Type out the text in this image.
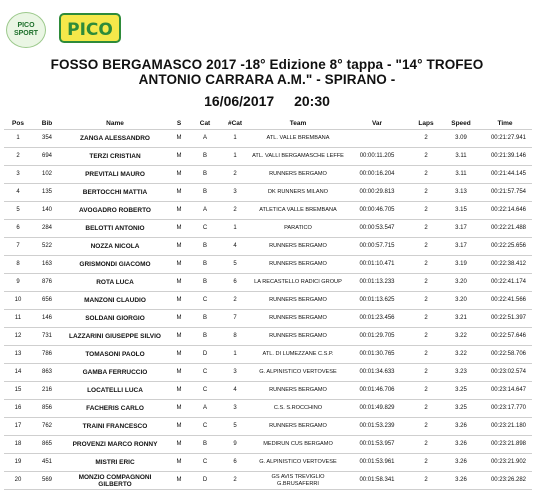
PICO
SPORT PICO
FOSSO BERGAMASCO 2017 -18° Edizione 8° tappa - "14° TROFEO
ANTONIO CARRARA A.M." - SPIRANO -
16/06/2017 20:30
Pos	Bib	Name	S	Cat	#Cat	Team	Var	Laps	Speed	Time
1	354	ZANGA ALESSANDRO	M	A	1	ATL. VALLE BREMBANA		2	3.09	00:21:27.941
2	694	TERZI CRISTIAN	M	B	1	ATL. VALLI BERGAMASCHE LEFFE	00:00:11.205	2	3.11	00:21:39.146
3	102	PREVITALI MAURO	M	B	2	RUNNERS BERGAMO	00:00:16.204	2	3.11	00:21:44.145
4	135	BERTOCCHI MATTIA	M	B	3	DK RUNNERS MILANO	00:00:29.813	2	3.13	00:21:57.754
5	140	AVOGADRO ROBERTO	M	A	2	ATLETICA VALLE BREMBANA	00:00:46.705	2	3.15	00:22:14.646
6	284	BELOTTI ANTONIO	M	C	1	PARATICO	00:00:53.547	2	3.17	00:22:21.488
7	522	NOZZA NICOLA	M	B	4	RUNNERS BERGAMO	00:00:57.715	2	3.17	00:22:25.656
8	163	GRISMONDI GIACOMO	M	B	5	RUNNERS BERGAMO	00:01:10.471	2	3.19	00:22:38.412
9	876	ROTA LUCA	M	B	6	LA RECASTELLO RADICI GROUP	00:01:13.233	2	3.20	00:22:41.174
10	656	MANZONI CLAUDIO	M	C	2	RUNNERS BERGAMO	00:01:13.625	2	3.20	00:22:41.566
11	146	SOLDANI GIORGIO	M	B	7	RUNNERS BERGAMO	00:01:23.456	2	3.21	00:22:51.397
12	731	LAZZARINI GIUSEPPE SILVIO	M	B	8	RUNNERS BERGAMO	00:01:29.705	2	3.22	00:22:57.646
13	786	TOMASONI PAOLO	M	D	1	ATL. DI LUMEZZANE C.S.P.	00:01:30.765	2	3.22	00:22:58.706
14	863	GAMBA FERRUCCIO	M	C	3	G. ALPINISTICO VERTOVESE	00:01:34.633	2	3.23	00:23:02.574
15	216	LOCATELLI LUCA	M	C	4	RUNNERS BERGAMO	00:01:46.706	2	3.25	00:23:14.647
16	856	FACHERIS CARLO	M	A	3	C.S. S.ROCCHINO	00:01:49.829	2	3.25	00:23:17.770
17	762	TRAINI FRANCESCO	M	C	5	RUNNERS BERGAMO	00:01:53.239	2	3.26	00:23:21.180
18	865	PROVENZI MARCO RONNY	M	B	9	MEDIRUN CUS BERGAMO	00:01:53.957	2	3.26	00:23:21.898
19	451	MISTRI ERIC	M	C	6	G. ALPINISTICO VERTOVESE	00:01:53.961	2	3.26	00:23:21.902
20	569	MONZIO COMPAGNONI GILBERTO	M	D	2	GS AVIS TREVIGLIO G.BRUSAFERRI	00:01:58.341	2	3.26	00:23:26.282
